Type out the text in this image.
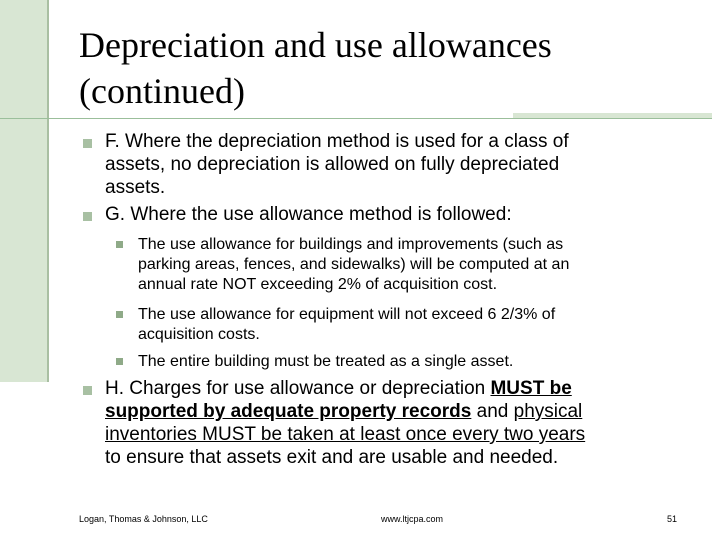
Depreciation and use allowances
(continued)
F. Where the depreciation method is used for a class of
assets, no depreciation is allowed on fully depreciated
assets.
G. Where the use allowance method is followed:
The use allowance for buildings and improvements (such as
parking areas, fences, and sidewalks) will be computed at an
annual rate NOT exceeding 2% of acquisition cost.
The use allowance for equipment will not exceed 6 2/3% of
acquisition costs.
The entire building must be treated as a single asset.
H. Charges for use allowance or depreciation MUST be
supported by adequate property records and physical
inventories MUST be taken at least once every two years
to ensure that assets exit and are usable and needed.
Logan, Thomas & Johnson, LLC	www.ltjcpa.com	51
